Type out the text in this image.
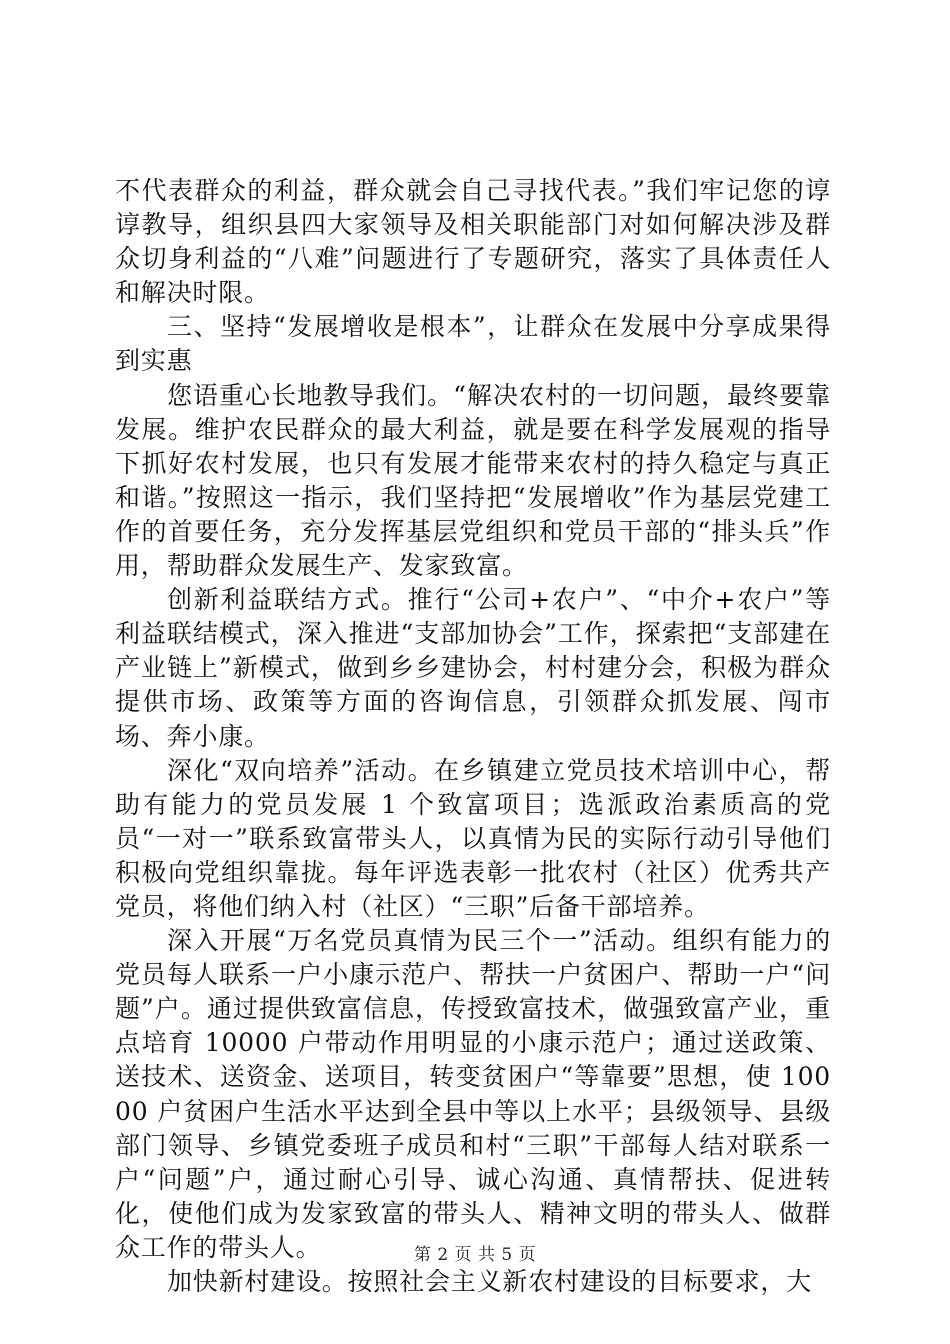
不代表群众的利益，群众就会自己寻找代表。”我们牢记您的谆谆教导，组织县四大家领导及相关职能部门对如何解决涉及群众切身利益的“八难”问题进行了专题研究，落实了具体责任人和解决时限。

三、坚持“发展增收是根本”，让群众在发展中分享成果得到实惠

您语重心长地教导我们。“解决农村的一切问题，最终要靠发展。维护农民群众的最大利益，就是要在科学发展观的指导下抓好农村发展，也只有发展才能带来农村的持久稳定与真正和谐。”按照这一指示，我们坚持把“发展增收”作为基层党建工作的首要任务，充分发挥基层党组织和党员干部的“排头兵”作用，帮助群众发展生产、发家致富。

创新利益联结方式。推行“公司+农户”、“中介+农户”等利益联结模式，深入推进“支部加协会”工作，探索把“支部建在产业链上”新模式，做到乡乡建协会，村村建分会，积极为群众提供市场、政策等方面的咨询信息，引领群众抓发展、闯市场、奔小康。

深化“双向培养”活动。在乡镇建立党员技术培训中心，帮助有能力的党员发展 1 个致富项目；选派政治素质高的党员“一对一”联系致富带头人，以真情为民的实际行动引导他们积极向党组织靠拢。每年评选表彰一批农村（社区）优秀共产党员，将他们纳入村（社区）“三职”后备干部培养。

深入开展“万名党员真情为民三个一”活动。组织有能力的党员每人联系一户小康示范户、帮扶一户贫困户、帮助一户“问题”户。通过提供致富信息，传授致富技术，做强致富产业，重点培育 10000 户带动作用明显的小康示范户；通过送政策、送技术、送资金、送项目，转变贫困户“等靠要”思想，使 10000 户贫困户生活水平达到全县中等以上水平；县级领导、县级部门领导、乡镇党委班子成员和村“三职”干部每人结对联系一户“问题”户，通过耐心引导、诚心沟通、真情帮扶、促进转化，使他们成为发家致富的带头人、精神文明的带头人、做群众工作的带头人。

加快新村建设。按照社会主义新农村建设的目标要求，大

第 2 页 共 5 页
